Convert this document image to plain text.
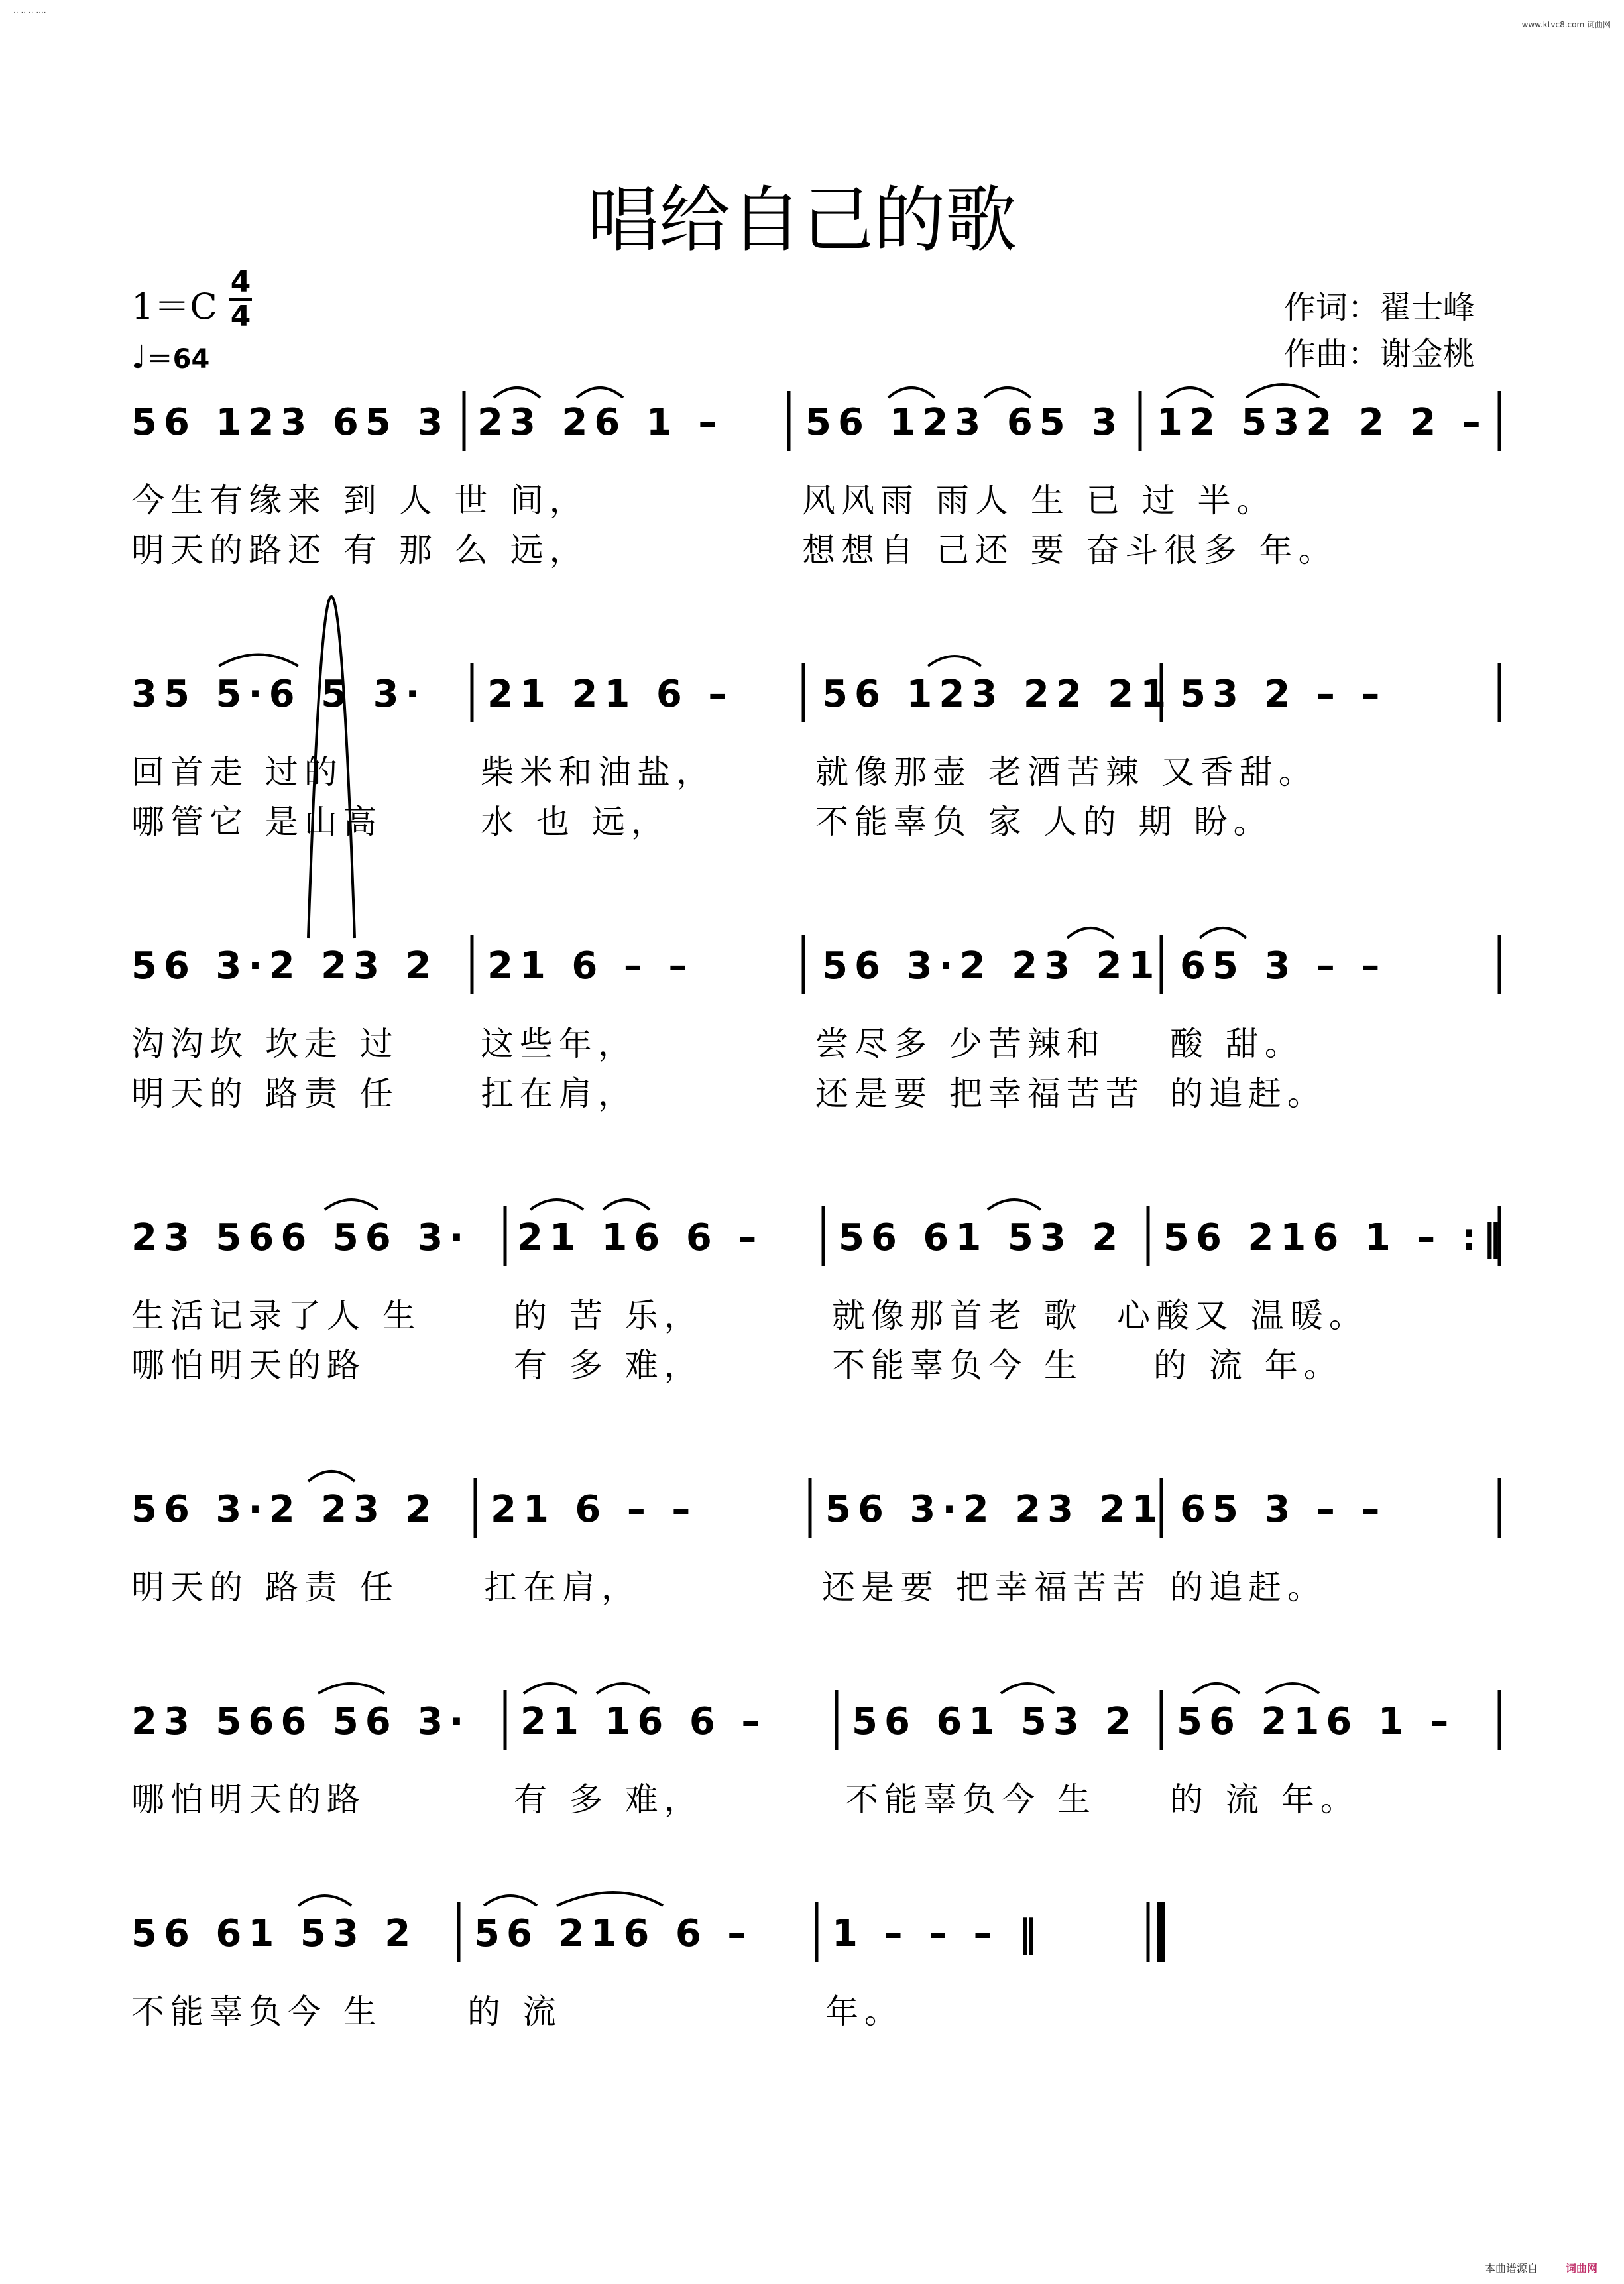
·· ·· ·· ····
www.ktvc8.com 词曲网
唱给自己的歌
1＝C
4
4
♩＝64
作词：翟士峰
作曲：谢金桃
56 123 65 3 23 26 1 – 56 123 65 3 12 532 2 2 –
今生有缘来 到 人 世 间，	风风雨 雨人 生 已 过 半。
明天的路还 有 那 么 远，	想想自 己还 要 奋斗很多 年。
35 5·6 5 3· 21 21 6 – 56 123 22 21 53 2 – –
回首走 过的	柴米和油盐，	就像那壶 老酒苦辣 又香甜。
哪管它 是山高	水 也 远，	不能辜负 家 人的 期 盼。
56 3·2 23 2 21 6 – –	56 3·2 23 21 65 3 – –
沟沟坎 坎走 过 这些年，	尝尽多 少苦辣和 酸 甜。
明天的 路责 任 扛在肩，	还是要 把幸福苦苦 的追赶。
23 566 56 3· 21 16 6 – 56 61 53 2 56 216 1 – :‖
生活记录了人 生	的 苦 乐，	就像那首老 歌 心酸又 温暖。
哪怕明天的路	有 多 难，	不能辜负今 生 的 流 年。
56 3·2 23 2 21 6 – –	56 3·2 23 21 65 3 – –
明天的 路责 任	扛在肩，	还是要 把幸福苦苦 的追赶。
23 566 56 3· 21 16 6 – 56 61 53 2 56 216 1 –
哪怕明天的路	有 多 难，	不能辜负今 生 的 流 年。
56 61 53 2 56 216 6 – 1 – – – ‖
不能辜负今 生	的 流	年。
本曲谱源自	词曲网
